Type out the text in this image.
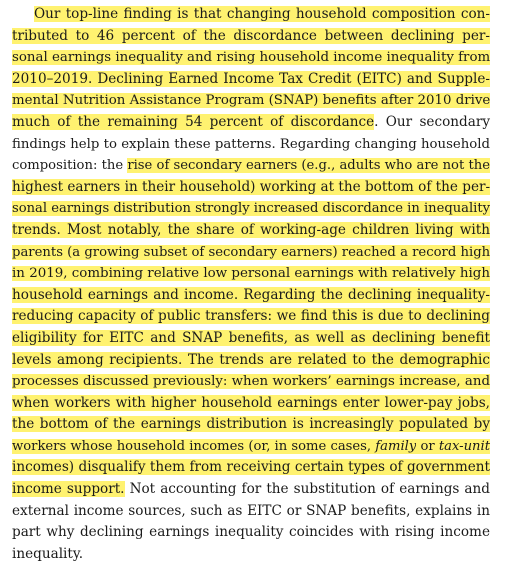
Our top-line finding is that changing household composition con-
tributed to 46 percent of the discordance between declining per-
sonal earnings inequality and rising household income inequality from
2010–2019. Declining Earned Income Tax Credit (EITC) and Supple-
mental Nutrition Assistance Program (SNAP) benefits after 2010 drive
much of the remaining 54 percent of discordance. Our secondary
findings help to explain these patterns. Regarding changing household
composition: the rise of secondary earners (e.g., adults who are not the
highest earners in their household) working at the bottom of the per-
sonal earnings distribution strongly increased discordance in inequality
trends. Most notably, the share of working-age children living with
parents (a growing subset of secondary earners) reached a record high
in 2019, combining relative low personal earnings with relatively high
household earnings and income. Regarding the declining inequality-
reducing capacity of public transfers: we find this is due to declining
eligibility for EITC and SNAP benefits, as well as declining benefit
levels among recipients. The trends are related to the demographic
processes discussed previously: when workers’ earnings increase, and
when workers with higher household earnings enter lower-pay jobs,
the bottom of the earnings distribution is increasingly populated by
workers whose household incomes (or, in some cases, family or tax-unit
incomes) disqualify them from receiving certain types of government
income support. Not accounting for the substitution of earnings and
external income sources, such as EITC or SNAP benefits, explains in
part why declining earnings inequality coincides with rising income
inequality.
